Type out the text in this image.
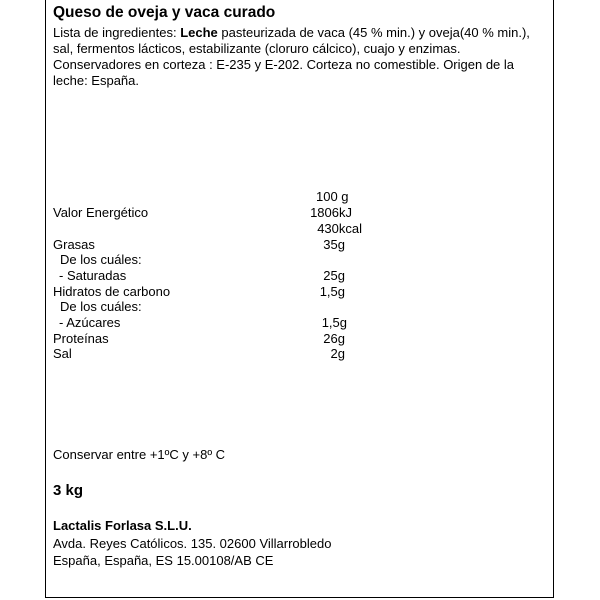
Queso de oveja y vaca curado

Lista de ingredientes: Leche pasteurizada de vaca (45 % min.) y oveja(40 % min.), sal, fermentos lácticos, estabilizante (cloruro cálcico), cuajo y enzimas. Conservadores en corteza : E-235 y E-202. Corteza no comestible. Origen de la leche: España.

100 g
Valor Energético	1806kJ
430kcal
Grasas	35g
De los cuáles:
- Saturadas	25g
Hidratos de carbono	1,5g
De los cuáles:
- Azúcares	1,5g
Proteínas	26g
Sal	2g
Conservar entre +1ºC y +8º C
3 kg
Lactalis Forlasa S.L.U.
Avda. Reyes Católicos. 135. 02600 Villarrobledo
España, España, ES 15.00108/AB CE
